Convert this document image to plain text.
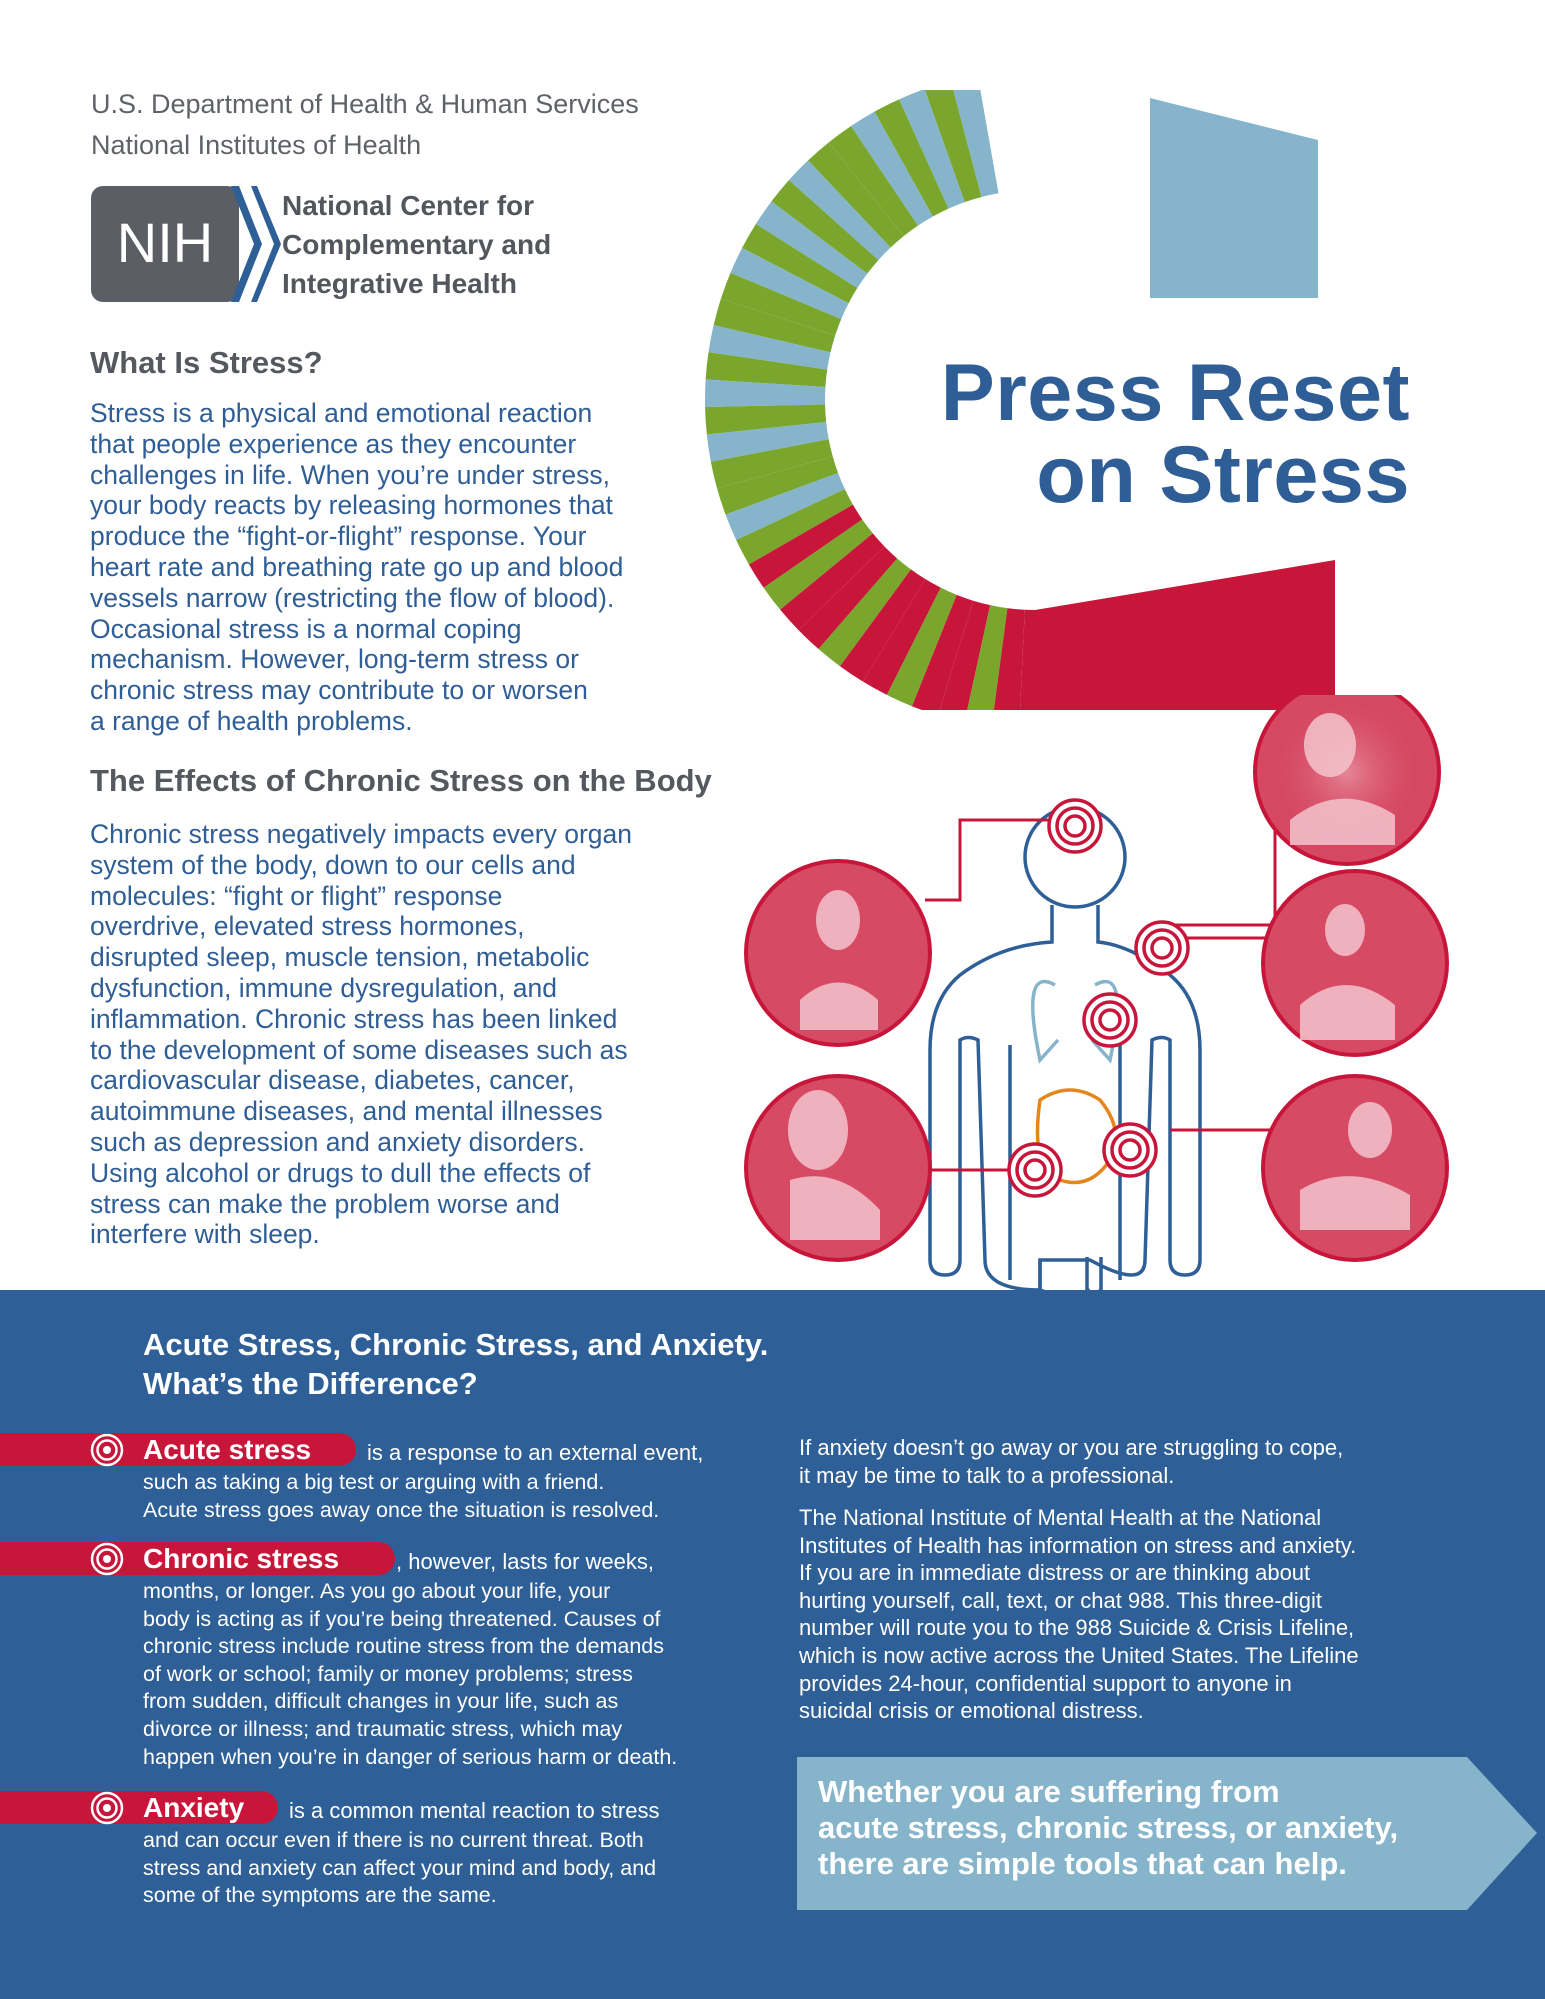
U.S. Department of Health & Human Services
National Institutes of Health
NIH
National Center for
Complementary and
Integrative Health
Press Reset
on Stress
What Is Stress?
Stress is a physical and emotional reaction
that people experience as they encounter
challenges in life. When you’re under stress,
your body reacts by releasing hormones that
produce the “fight-or-flight” response. Your
heart rate and breathing rate go up and blood
vessels narrow (restricting the flow of blood).
Occasional stress is a normal coping
mechanism. However, long-term stress or
chronic stress may contribute to or worsen
a range of health problems.
The Effects of Chronic Stress on the Body
Chronic stress negatively impacts every organ
system of the body, down to our cells and
molecules: “fight or flight” response
overdrive, elevated stress hormones,
disrupted sleep, muscle tension, metabolic
dysfunction, immune dysregulation, and
inflammation. Chronic stress has been linked
to the development of some diseases such as
cardiovascular disease, diabetes, cancer,
autoimmune diseases, and mental illnesses
such as depression and anxiety disorders.
Using alcohol or drugs to dull the effects of
stress can make the problem worse and
interfere with sleep.
Acute Stress, Chronic Stress, and Anxiety.
What’s the Difference?
Acute stress	is a response to an external event,
such as taking a big test or arguing with a friend.
Acute stress goes away once the situation is resolved.
Chronic stress	, however, lasts for weeks,
months, or longer. As you go about your life, your
body is acting as if you’re being threatened. Causes of
chronic stress include routine stress from the demands
of work or school; family or money problems; stress
from sudden, difficult changes in your life, such as
divorce or illness; and traumatic stress, which may
happen when you’re in danger of serious harm or death.
Anxiety is a common mental reaction to stress
and can occur even if there is no current threat. Both
stress and anxiety can affect your mind and body, and
some of the symptoms are the same.
If anxiety doesn’t go away or you are struggling to cope,
it may be time to talk to a professional.
The National Institute of Mental Health at the National
Institutes of Health has information on stress and anxiety.
If you are in immediate distress or are thinking about
hurting yourself, call, text, or chat 988. This three-digit
number will route you to the 988 Suicide & Crisis Lifeline,
which is now active across the United States. The Lifeline
provides 24-hour, confidential support to anyone in
suicidal crisis or emotional distress.
Whether you are suffering from
acute stress, chronic stress, or anxiety,
there are simple tools that can help.
